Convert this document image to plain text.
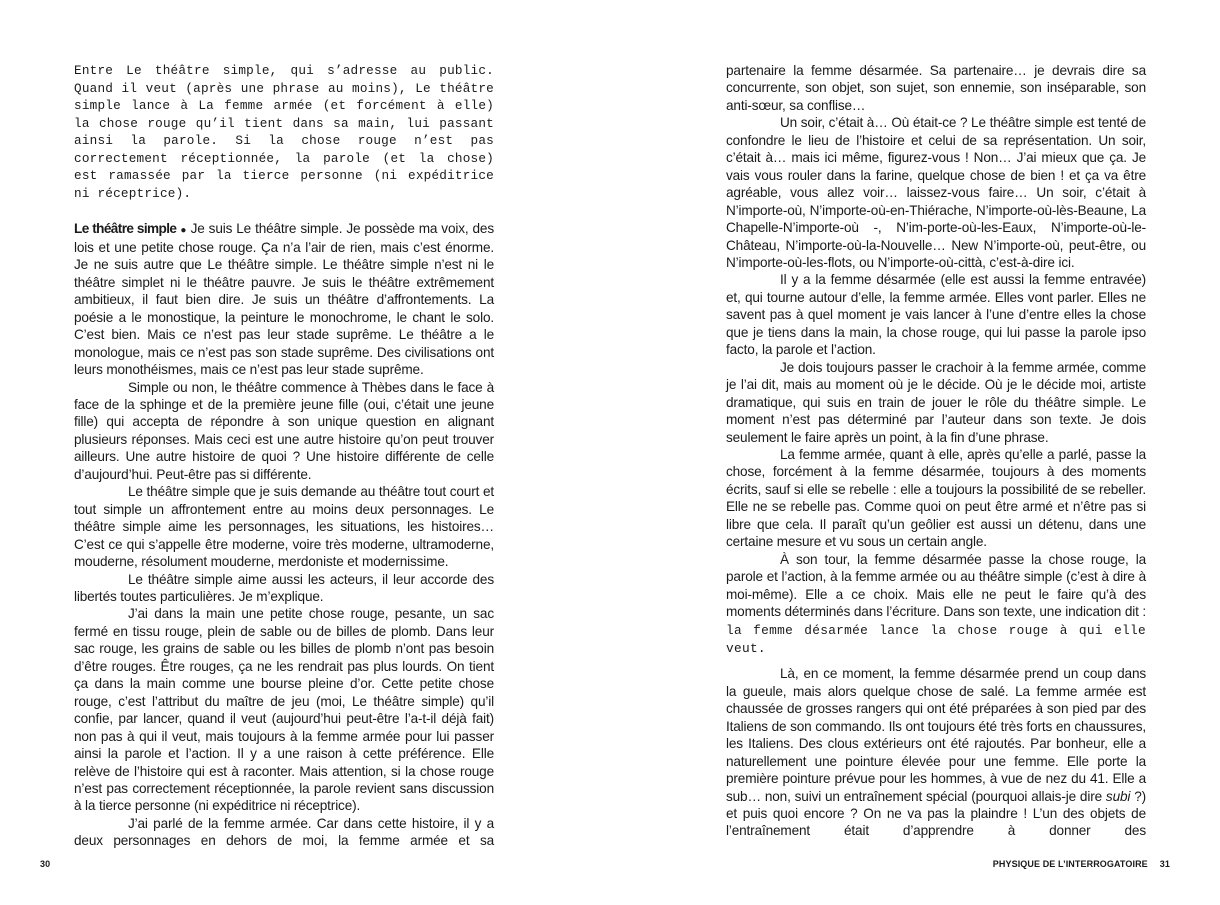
Entre Le théâtre simple, qui s’adresse au public. Quand il veut (après une phrase au moins), Le théâtre simple lance à La femme armée (et forcément à elle) la chose rouge qu’il tient dans sa main, lui passant ainsi la parole. Si la chose rouge n’est pas correctement réceptionnée, la parole (et la chose) est ramassée par la tierce personne (ni expéditrice ni réceptrice).

Le théâtre simple ● Je suis Le théâtre simple. Je possède ma voix, des lois et une petite chose rouge. Ça n’a l’air de rien, mais c’est énorme. Je ne suis autre que Le théâtre simple. Le théâtre simple n’est ni le théâtre simplet ni le théâtre pauvre. Je suis le théâtre extrêmement ambitieux, il faut bien dire. Je suis un théâtre d’affrontements. La poésie a le monostique, la peinture le monochrome, le chant le solo. C’est bien. Mais ce n’est pas leur stade suprême. Le théâtre a le monologue, mais ce n’est pas son stade suprême. Des civilisations ont leurs monothéismes, mais ce n’est pas leur stade suprême.

Simple ou non, le théâtre commence à Thèbes dans le face à face de la sphinge et de la première jeune fille (oui, c’était une jeune fille) qui accepta de répondre à son unique question en alignant plusieurs réponses. Mais ceci est une autre histoire qu’on peut trouver ailleurs. Une autre histoire de quoi ? Une histoire différente de celle d’aujourd’hui. Peut-être pas si différente.

Le théâtre simple que je suis demande au théâtre tout court et tout simple un affrontement entre au moins deux personnages. Le théâtre simple aime les personnages, les situations, les histoires… C’est ce qui s’appelle être moderne, voire très moderne, ultramoderne, mouderne, résolument mouderne, merdoniste et modernissime.

Le théâtre simple aime aussi les acteurs, il leur accorde des libertés toutes particulières. Je m’explique.

J’ai dans la main une petite chose rouge, pesante, un sac fermé en tissu rouge, plein de sable ou de billes de plomb. Dans leur sac rouge, les grains de sable ou les billes de plomb n’ont pas besoin d’être rouges. Être rouges, ça ne les rendrait pas plus lourds. On tient ça dans la main comme une bourse pleine d’or. Cette petite chose rouge, c’est l’attribut du maître de jeu (moi, Le théâtre simple) qu’il confie, par lancer, quand il veut (aujourd’hui peut-être l’a-t-il déjà fait) non pas à qui il veut, mais toujours à la femme armée pour lui passer ainsi la parole et l’action. Il y a une raison à cette préférence. Elle relève de l’histoire qui est à raconter. Mais attention, si la chose rouge n’est pas correctement réceptionnée, la parole revient sans discussion à la tierce personne (ni expéditrice ni réceptrice).

J’ai parlé de la femme armée. Car dans cette histoire, il y a deux personnages en dehors de moi, la femme armée et sa

partenaire la femme désarmée. Sa partenaire… je devrais dire sa concurrente, son objet, son sujet, son ennemie, son inséparable, son anti-sœur, sa conflise…

Un soir, c’était à… Où était-ce ? Le théâtre simple est tenté de confondre le lieu de l’histoire et celui de sa représentation. Un soir, c’était à… mais ici même, figurez-vous ! Non… J’ai mieux que ça. Je vais vous rouler dans la farine, quelque chose de bien ! et ça va être agréable, vous allez voir… laissez-vous faire… Un soir, c’était à N’importe-où, N’importe-où-en-Thiérache, N’importe-où-lès-Beaune, La Chapelle-N’importe-où -, N’im-porte-où-les-Eaux, N’importe-où-le-Château, N’importe-où-la-Nouvelle… New N’importe-où, peut-être, ou N’importe-où-les-flots, ou N’importe-où-città, c’est-à-dire ici.

Il y a la femme désarmée (elle est aussi la femme entravée) et, qui tourne autour d’elle, la femme armée. Elles vont parler. Elles ne savent pas à quel moment je vais lancer à l’une d’entre elles la chose que je tiens dans la main, la chose rouge, qui lui passe la parole ipso facto, la parole et l’action.

Je dois toujours passer le crachoir à la femme armée, comme je l’ai dit, mais au moment où je le décide. Où je le décide moi, artiste dramatique, qui suis en train de jouer le rôle du théâtre simple. Le moment n’est pas déterminé par l’auteur dans son texte. Je dois seulement le faire après un point, à la fin d’une phrase.

La femme armée, quant à elle, après qu’elle a parlé, passe la chose, forcément à la femme désarmée, toujours à des moments écrits, sauf si elle se rebelle : elle a toujours la possibilité de se rebeller. Elle ne se rebelle pas. Comme quoi on peut être armé et n’être pas si libre que cela. Il paraît qu’un geôlier est aussi un détenu, dans une certaine mesure et vu sous un certain angle.

À son tour, la femme désarmée passe la chose rouge, la parole et l’action, à la femme armée ou au théâtre simple (c’est à dire à moi-même). Elle a ce choix. Mais elle ne peut le faire qu’à des moments déterminés dans l’écriture. Dans son texte, une indication dit : la femme désarmée lance la chose rouge à qui elle veut.

Là, en ce moment, la femme désarmée prend un coup dans la gueule, mais alors quelque chose de salé. La femme armée est chaussée de grosses rangers qui ont été préparées à son pied par des Italiens de son commando. Ils ont toujours été très forts en chaussures, les Italiens. Des clous extérieurs ont été rajoutés. Par bonheur, elle a naturellement une pointure élevée pour une femme. Elle porte la première pointure prévue pour les hommes, à vue de nez du 41. Elle a sub… non, suivi un entraînement spécial (pourquoi allais-je dire subi ?) et puis quoi encore ? On ne va pas la plaindre ! L’un des objets de l’entraînement était d’apprendre à donner des

30	PHYSIQUE DE L’INTERROGATOIRE 31
